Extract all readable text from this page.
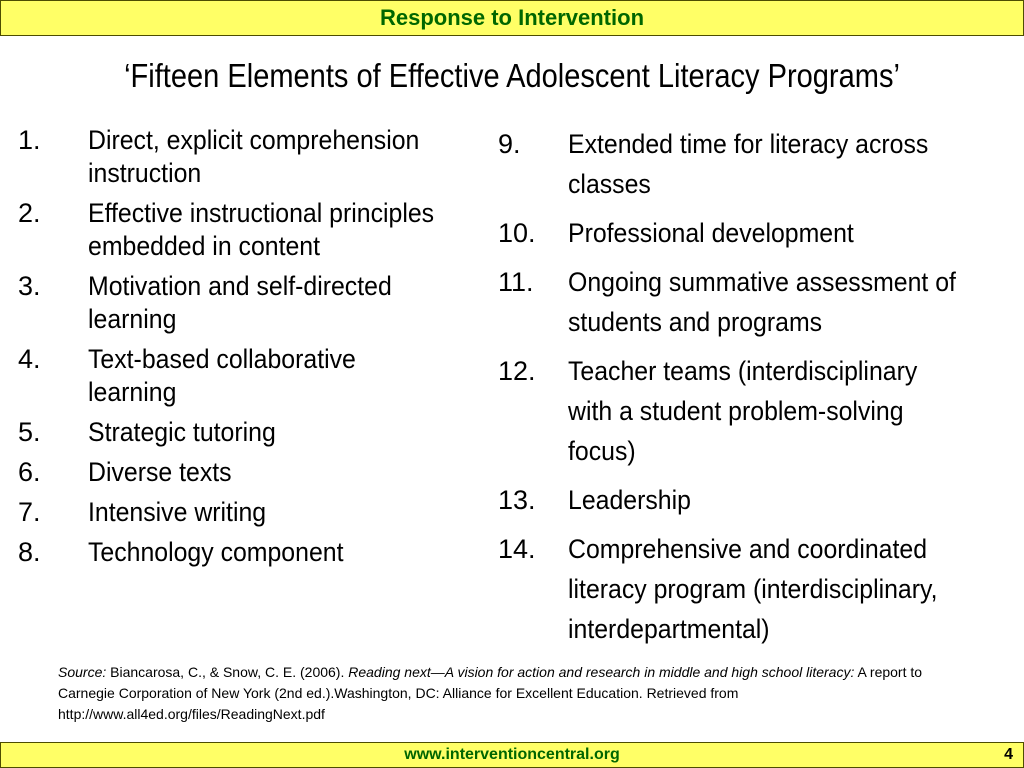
Response to Intervention
‘Fifteen Elements of Effective Adolescent Literacy Programs’
1. Direct, explicit comprehension
instruction
2. Effective instructional principles
embedded in content
3. Motivation and self-directed
learning
4. Text-based collaborative
learning
5. Strategic tutoring
6. Diverse texts
7. Intensive writing
8. Technology component
9. Extended time for literacy across
classes
10. Professional development
11. Ongoing summative assessment of
students and programs
12. Teacher teams (interdisciplinary
with a student problem-solving
focus)
13. Leadership
14. Comprehensive and coordinated
literacy program (interdisciplinary,
interdepartmental)
Source: Biancarosa, C., & Snow, C. E. (2006). Reading next—A vision for action and research in middle and high school literacy: A report to Carnegie Corporation of New York (2nd ed.).Washington, DC: Alliance for Excellent Education. Retrieved from http://www.all4ed.org/files/ReadingNext.pdf
www.interventioncentral.org	4
